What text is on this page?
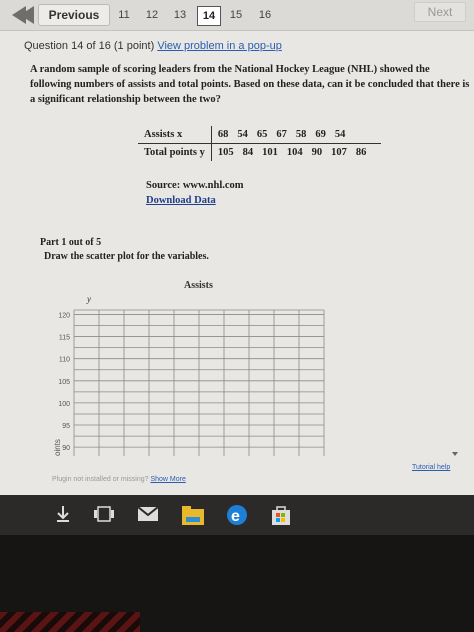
Previous	11	12	13	14	15	16	Next
Question 14 of 16 (1 point) View problem in a pop-up
A random sample of scoring leaders from the National Hockey League (NHL) showed the following numbers of assists and total points. Based on these data, can it be concluded that there is a significant relationship between the two?
Assists x	68 54 65 67 58 69 54
Total points y	105 84 101 104 90 107 86
Source: www.nhl.com
Download Data
Part 1 out of 5
Draw the scatter plot for the variables.
Assists
120
115
110
105
100
95
90
y
oints
Tutorial help
Plugin not installed or missing? Show More
e
